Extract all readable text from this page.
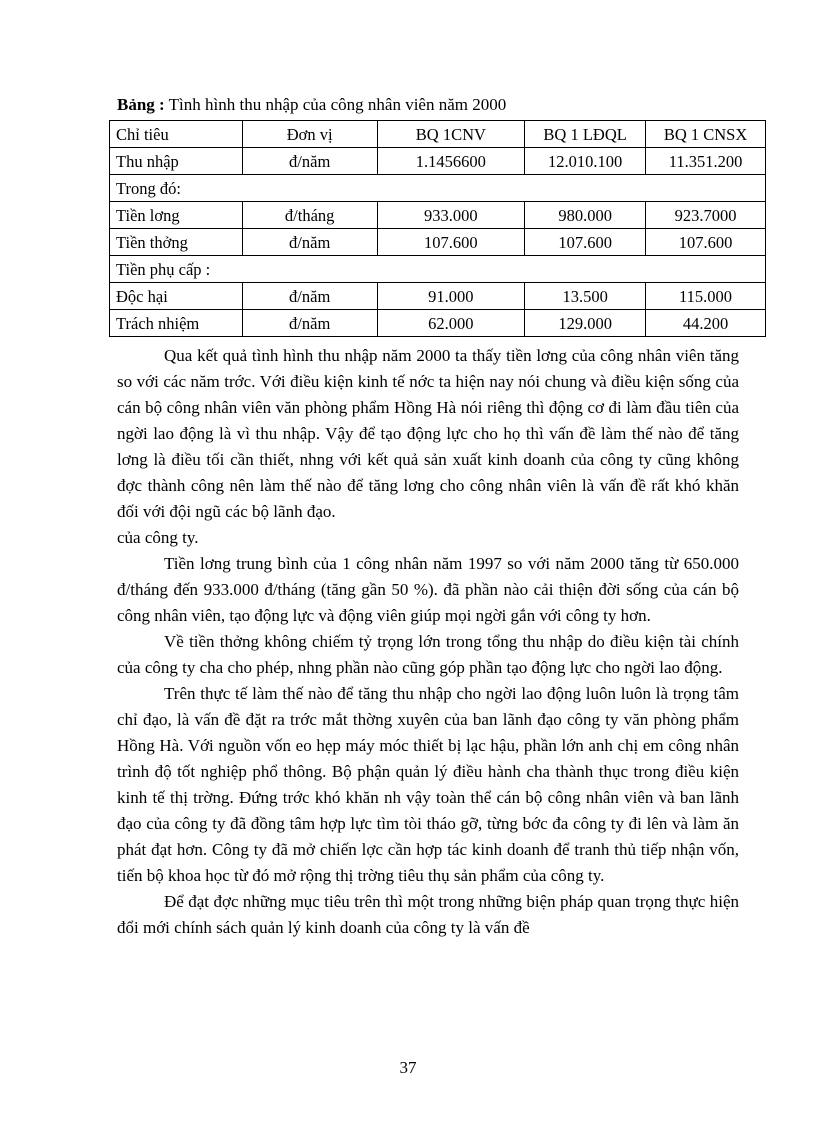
Bảng : Tình hình thu nhập của công nhân viên năm 2000
Chỉ tiêu	Đơn vị	BQ 1CNV	BQ 1 LĐQL	BQ 1 CNSX
Thu nhập	đ/năm	1.1456600	12.010.100	11.351.200
Trong đó:				
Tiền lơng	đ/tháng	933.000	980.000	923.7000
Tiền thởng	đ/năm	107.600	107.600	107.600
Tiền phụ cấp :				
Độc hại	đ/năm	91.000	13.500	115.000
Trách nhiệm	đ/năm	62.000	129.000	44.200

Qua kết quả tình hình thu nhập năm 2000 ta thấy tiền lơng của công nhân viên tăng so với các năm trớc. Với điều kiện kinh tế nớc ta hiện nay nói chung và điều kiện sống của cán bộ công nhân viên văn phòng phẩm Hồng Hà nói riêng thì động cơ đi làm đầu tiên của ngời lao động là vì thu nhập. Vậy để tạo động lực cho họ thì vấn đề làm thế nào để tăng lơng là điều tối cần thiết, nhng với kết quả sản xuất kinh doanh của công ty cũng không đợc thành công nên làm thế nào để tăng lơng cho công nhân viên là vấn đề rất khó khăn đối với đội ngũ các bộ lãnh đạo.

của công ty.

Tiền lơng trung bình của 1 công nhân năm 1997 so với năm 2000 tăng từ 650.000 đ/tháng đến 933.000 đ/tháng (tăng gần 50 %). đã phần nào cải thiện đời sống của cán bộ công nhân viên, tạo động lực và động viên giúp mọi ngời gắn với công ty hơn.

Về tiền thởng không chiếm tỷ trọng lớn trong tổng thu nhập do điều kiện tài chính của công ty cha cho phép, nhng phần nào cũng góp phần tạo động lực cho ngời lao động.

Trên thực tế làm thế nào để tăng thu nhập cho ngời lao động luôn luôn là trọng tâm chỉ đạo, là vấn đề đặt ra trớc mắt thờng xuyên của ban lãnh đạo công ty văn phòng phẩm Hồng Hà. Với nguồn vốn eo hẹp máy móc thiết bị lạc hậu, phần lớn anh chị em công nhân trình độ tốt nghiệp phổ thông. Bộ phận quản lý điều hành cha thành thục trong điều kiện kinh tế thị trờng. Đứng trớc khó khăn nh vậy toàn thể cán bộ công nhân viên và ban lãnh đạo của công ty đã đồng tâm hợp lực tìm tòi tháo gỡ, từng bớc đa công ty đi lên và làm ăn phát đạt hơn. Công ty đã mở chiến lợc cần hợp tác kinh doanh để tranh thủ tiếp nhận vốn, tiến bộ khoa học từ đó mở rộng thị trờng tiêu thụ sản phẩm của công ty.

Để đạt đợc những mục tiêu trên thì một trong những biện pháp quan trọng thực hiện đổi mới chính sách quản lý kinh doanh của công ty là vấn đề

37
